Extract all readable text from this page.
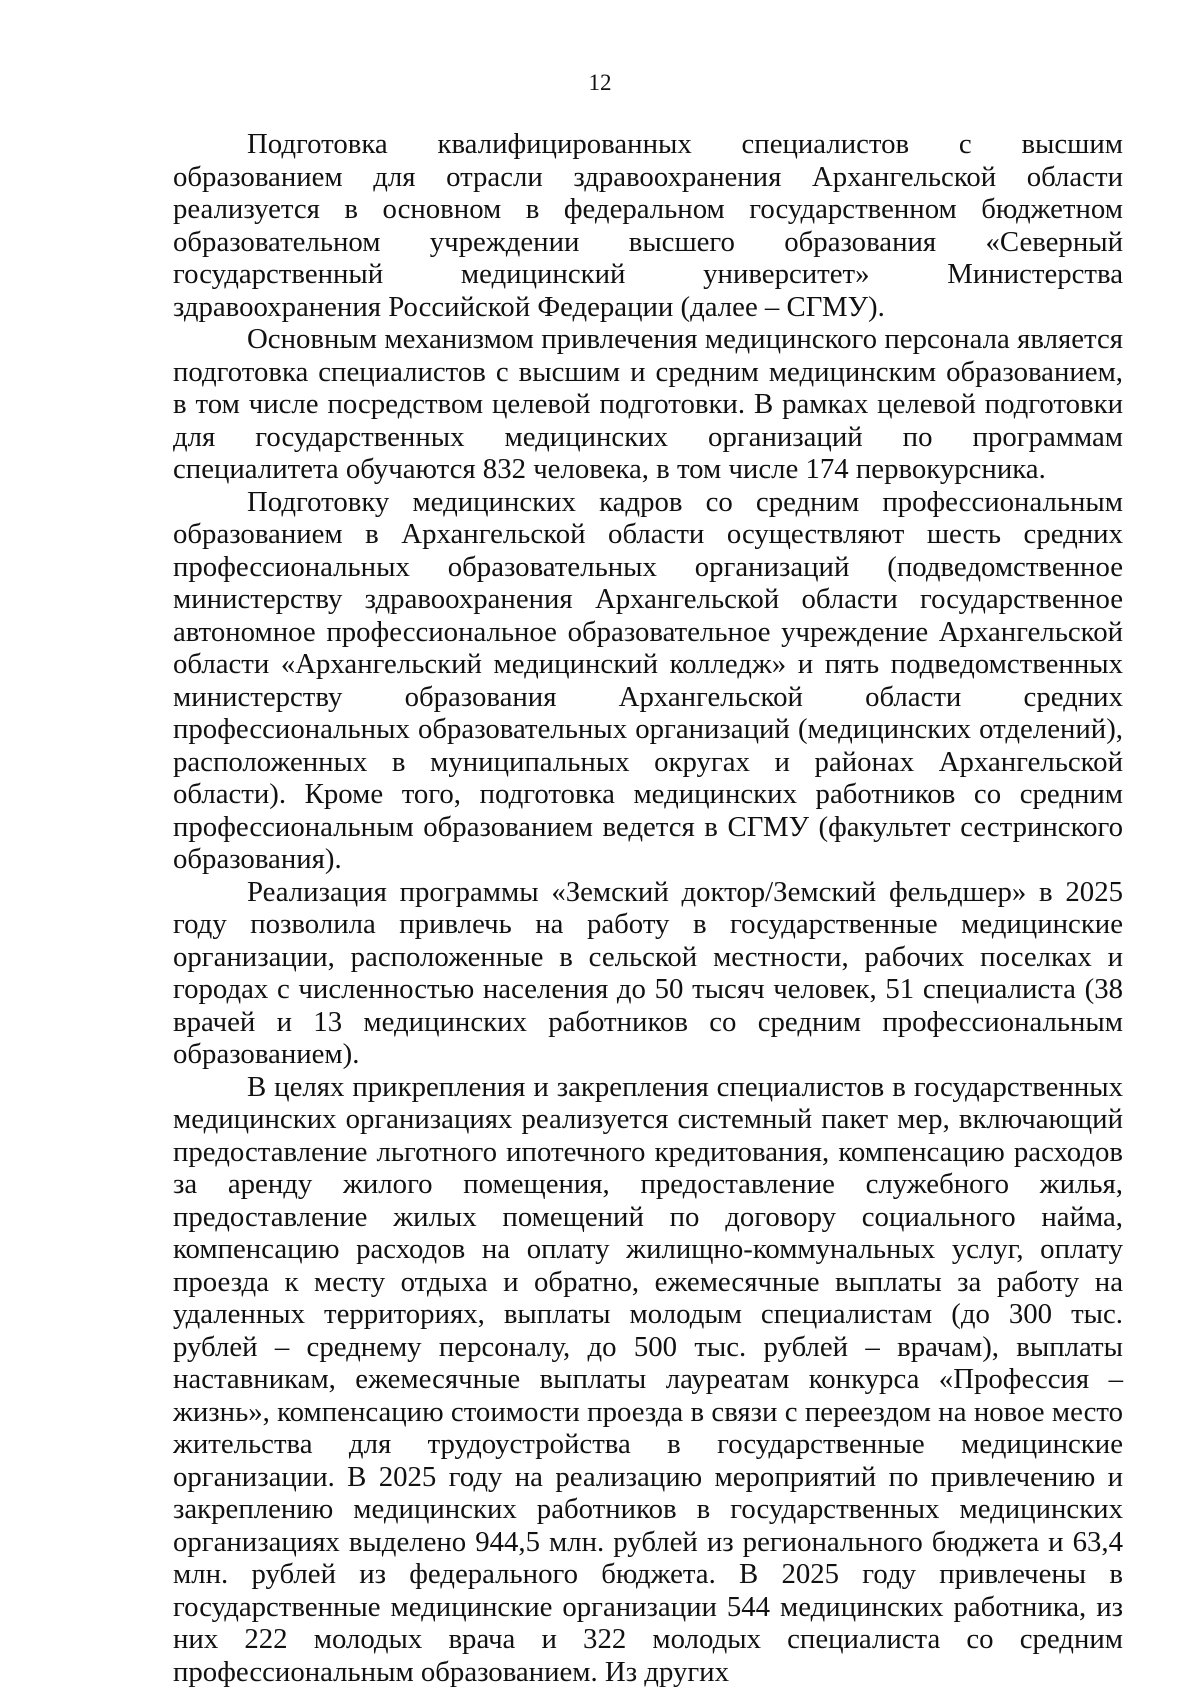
12

Подготовка квалифицированных специалистов с высшим образованием для отрасли здравоохранения Архангельской области реализуется в основном в федеральном государственном бюджетном образовательном учреждении высшего образования «Северный государственный медицинский университет» Министерства здравоохранения Российской Федерации (далее – СГМУ).

Основным механизмом привлечения медицинского персонала является подготовка специалистов с высшим и средним медицинским образованием, в том числе посредством целевой подготовки. В рамках целевой подготовки для государственных медицинских организаций по программам специалитета обучаются 832 человека, в том числе 174 первокурсника.

Подготовку медицинских кадров со средним профессиональным образованием в Архангельской области осуществляют шесть средних профессиональных образовательных организаций (подведомственное министерству здравоохранения Архангельской области государственное автономное профессиональное образовательное учреждение Архангельской области «Архангельский медицинский колледж» и пять подведомственных министерству образования Архангельской области средних профессиональных образовательных организаций (медицинских отделений), расположенных в муниципальных округах и районах Архангельской области). Кроме того, подготовка медицинских работников со средним профессиональным образованием ведется в СГМУ (факультет сестринского образования).

Реализация программы «Земский доктор/Земский фельдшер» в 2025 году позволила привлечь на работу в государственные медицинские организации, расположенные в сельской местности, рабочих поселках и городах с численностью населения до 50 тысяч человек, 51 специалиста (38 врачей и 13 медицинских работников со средним профессиональным образованием).

В целях прикрепления и закрепления специалистов в государственных медицинских организациях реализуется системный пакет мер, включающий предоставление льготного ипотечного кредитования, компенсацию расходов за аренду жилого помещения, предоставление служебного жилья, предоставление жилых помещений по договору социального найма, компенсацию расходов на оплату жилищно-коммунальных услуг, оплату проезда к месту отдыха и обратно, ежемесячные выплаты за работу на удаленных территориях, выплаты молодым специалистам (до 300 тыс. рублей – среднему персоналу, до 500 тыс. рублей – врачам), выплаты наставникам, ежемесячные выплаты лауреатам конкурса «Профессия – жизнь», компенсацию стоимости проезда в связи с переездом на новое место жительства для трудоустройства в государственные медицинские организации. В 2025 году на реализацию мероприятий по привлечению и закреплению медицинских работников в государственных медицинских организациях выделено 944,5 млн. рублей из регионального бюджета и 63,4 млн. рублей из федерального бюджета. В 2025 году привлечены в государственные медицинские организации 544 медицинских работника, из них 222 молодых врача и 322 молодых специалиста со средним профессиональным образованием. Из других
